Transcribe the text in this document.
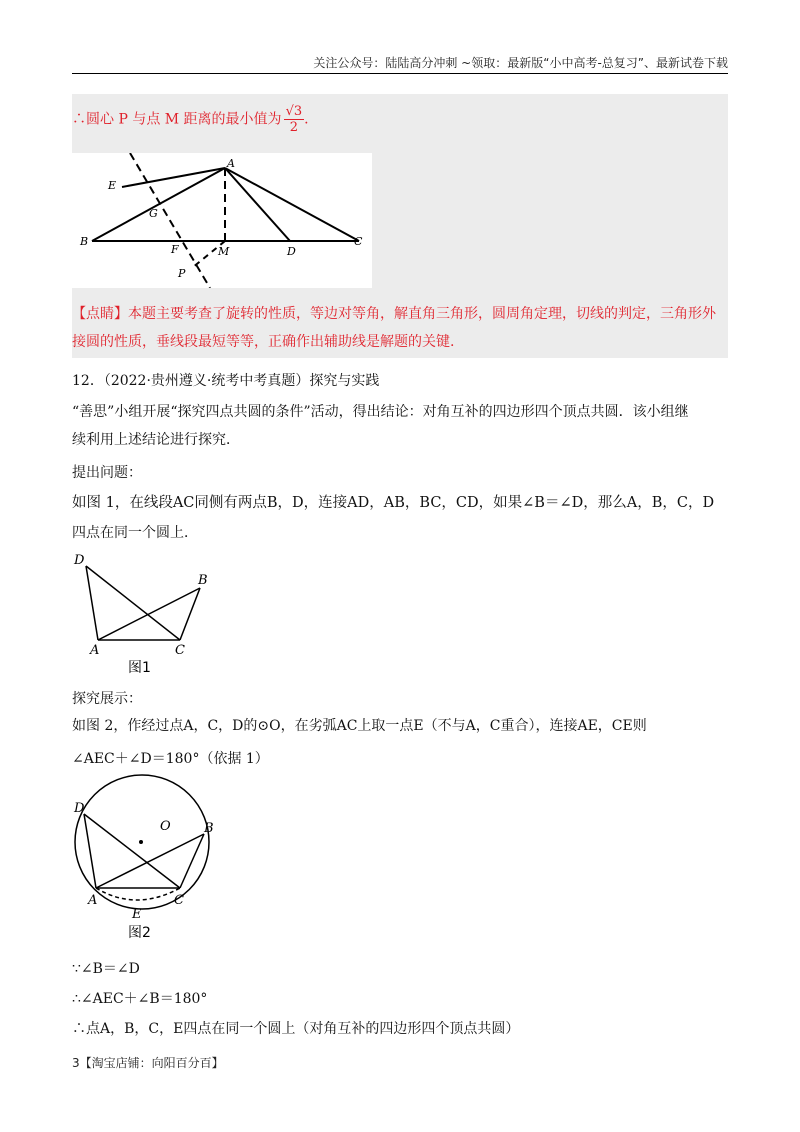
关注公众号：陆陆高分冲刺 ~领取：最新版“小中高考-总复习”、最新试卷下载
∴圆心 P 与点 M 距离的最小值为 $\frac{√3}{2}$ .
A
E
G
B
F	M	D
C
P
【点睛】本题主要考查了旋转的性质，等边对等角，解直角三角形，圆周角定理，切线的判定，三角形外
接圆的性质，垂线段最短等等，正确作出辅助线是解题的关键.
12．（2022·贵州遵义·统考中考真题）探究与实践
“善思”小组开展“探究四点共圆的条件”活动，得出结论：对角互补的四边形四个顶点共圆．该小组继
续利用上述结论进行探究．
提出问题：
如图 1，在线段AC同侧有两点B，D，连接AD，AB，BC，CD，如果∠B＝∠D，那么A，B，C，D
四点在同一个圆上．
D
B
A	C
图1
探究展示：
如图 2，作经过点A，C，D的⊙O，在劣弧AC上取一点E（不与A，C重合），连接AE，CE则
∠AEC＋∠D＝180°（依据 1）
D
O	B
A	C
E
图2
∵∠B＝∠D
∴∠AEC＋∠B＝180°
∴点A，B，C，E四点在同一个圆上（对角互补的四边形四个顶点共圆）
3【淘宝店铺：向阳百分百】
